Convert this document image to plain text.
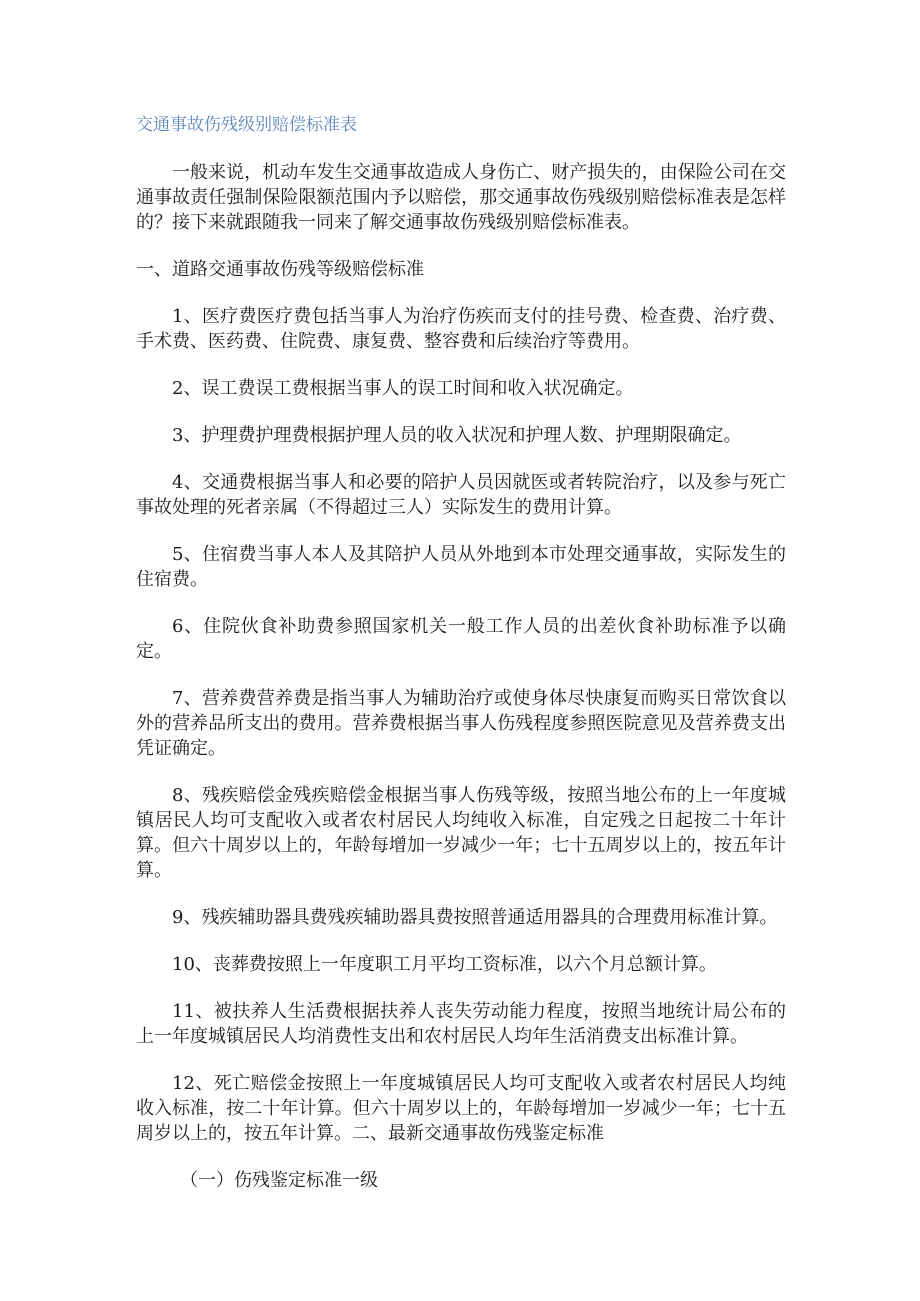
交通事故伤残级别赔偿标准表

一般来说，机动车发生交通事故造成人身伤亡、财产损失的，由保险公司在交通事故责任强制保险限额范围内予以赔偿，那交通事故伤残级别赔偿标准表是怎样的？接下来就跟随我一同来了解交通事故伤残级别赔偿标准表。

一、道路交通事故伤残等级赔偿标准

1、医疗费医疗费包括当事人为治疗伤疾而支付的挂号费、检查费、治疗费、手术费、医药费、住院费、康复费、整容费和后续治疗等费用。

2、误工费误工费根据当事人的误工时间和收入状况确定。

3、护理费护理费根据护理人员的收入状况和护理人数、护理期限确定。

4、交通费根据当事人和必要的陪护人员因就医或者转院治疗，以及参与死亡事故处理的死者亲属（不得超过三人）实际发生的费用计算。

5、住宿费当事人本人及其陪护人员从外地到本市处理交通事故，实际发生的住宿费。

6、住院伙食补助费参照国家机关一般工作人员的出差伙食补助标准予以确定。

7、营养费营养费是指当事人为辅助治疗或使身体尽快康复而购买日常饮食以外的营养品所支出的费用。营养费根据当事人伤残程度参照医院意见及营养费支出凭证确定。

8、残疾赔偿金残疾赔偿金根据当事人伤残等级，按照当地公布的上一年度城镇居民人均可支配收入或者农村居民人均纯收入标准，自定残之日起按二十年计算。但六十周岁以上的，年龄每增加一岁减少一年；七十五周岁以上的，按五年计算。

9、残疾辅助器具费残疾辅助器具费按照普通适用器具的合理费用标准计算。

10、丧葬费按照上一年度职工月平均工资标准，以六个月总额计算。

11、被扶养人生活费根据扶养人丧失劳动能力程度，按照当地统计局公布的上一年度城镇居民人均消费性支出和农村居民人均年生活消费支出标准计算。

12、死亡赔偿金按照上一年度城镇居民人均可支配收入或者农村居民人均纯收入标准，按二十年计算。但六十周岁以上的，年龄每增加一岁减少一年；七十五周岁以上的，按五年计算。二、最新交通事故伤残鉴定标准

（一）伤残鉴定标准一级
